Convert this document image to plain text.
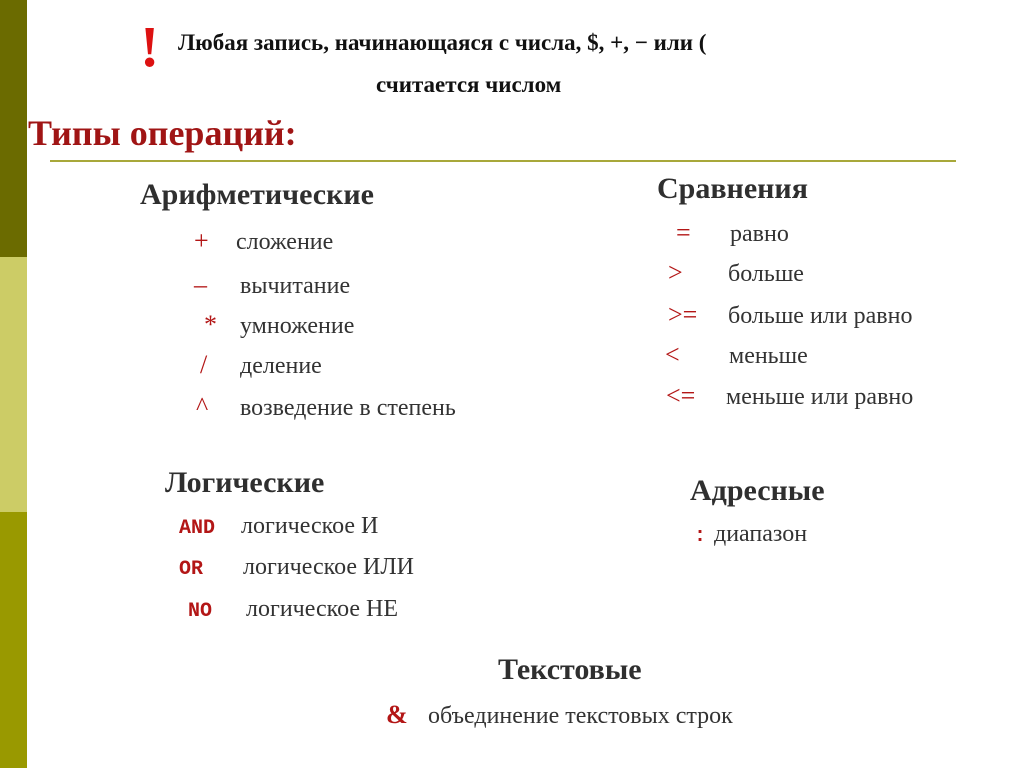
! Любая запись, начинающаяся с числа, $, +, − или (
считается числом
Типы операций:
Арифметические
+ сложение
– вычитание
* умножение
/ деление
^ возведение в степень
Сравнения
= равно
> больше
>= больше или равно
< меньше
<= меньше или равно
Логические
AND логическое И
OR логическое ИЛИ
NO логическое НЕ
Адресные
: диапазон
Текстовые
& объединение текстовых строк
